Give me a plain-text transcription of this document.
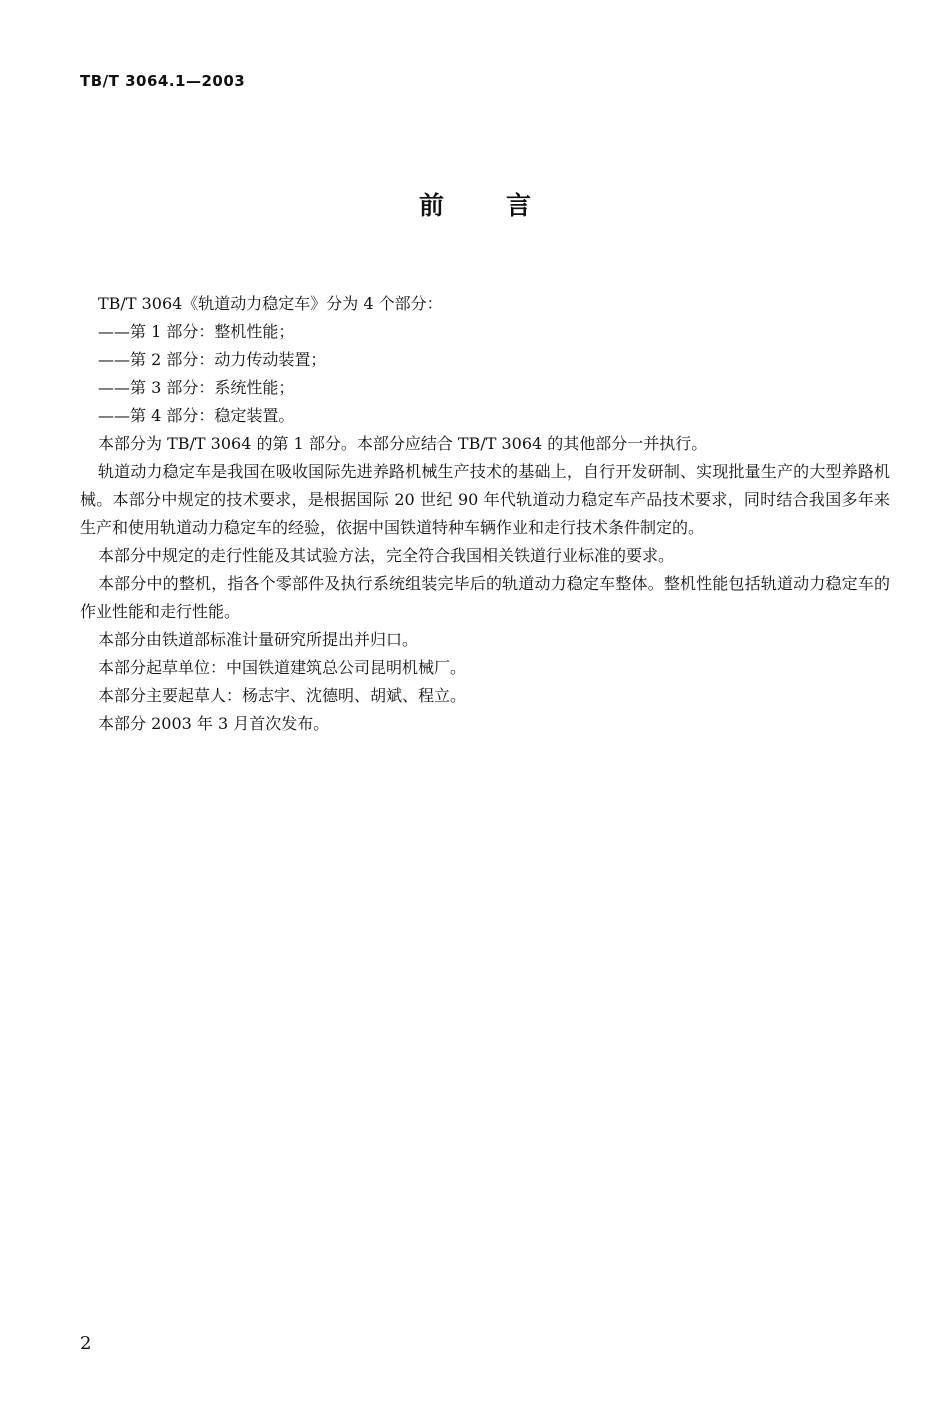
TB/T 3064.1—2003
前言
TB/T 3064《轨道动力稳定车》分为 4 个部分：
——第 1 部分：整机性能；
——第 2 部分：动力传动装置；
——第 3 部分：系统性能；
——第 4 部分：稳定装置。

本部分为 TB/T 3064 的第 1 部分。本部分应结合 TB/T 3064 的其他部分一并执行。

轨道动力稳定车是我国在吸收国际先进养路机械生产技术的基础上，自行开发研制、实现批量生产的大型养路机械。本部分中规定的技术要求，是根据国际 20 世纪 90 年代轨道动力稳定车产品技术要求，同时结合我国多年来生产和使用轨道动力稳定车的经验，依据中国铁道特种车辆作业和走行技术条件制定的。

本部分中规定的走行性能及其试验方法，完全符合我国相关铁道行业标准的要求。

本部分中的整机，指各个零部件及执行系统组装完毕后的轨道动力稳定车整体。整机性能包括轨道动力稳定车的作业性能和走行性能。

本部分由铁道部标准计量研究所提出并归口。

本部分起草单位：中国铁道建筑总公司昆明机械厂。

本部分主要起草人：杨志宇、沈德明、胡斌、程立。

本部分 2003 年 3 月首次发布。

2
